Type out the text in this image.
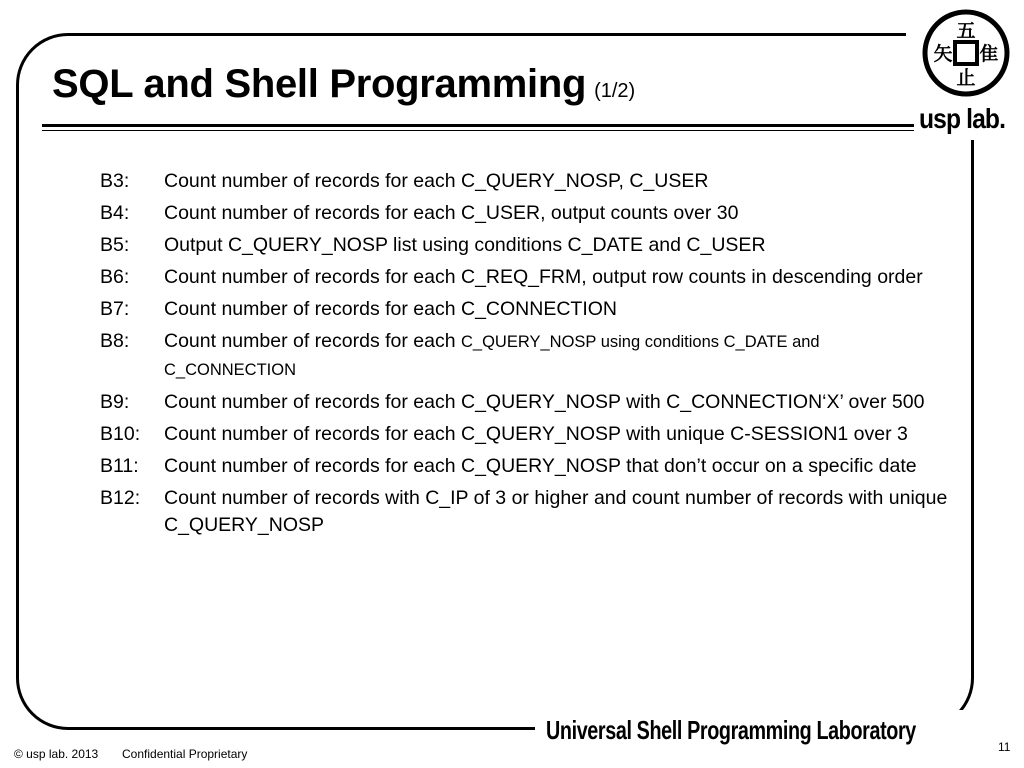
SQL and Shell Programming (1/2)
B3:	Count number of records for each C_QUERY_NOSP, C_USER
B4:	Count number of records for each C_USER, output counts over 30
B5:	Output C_QUERY_NOSP list using conditions C_DATE and C_USER
B6:	Count number of records for each C_REQ_FRM, output row counts in descending order
B7:	Count number of records for each C_CONNECTION
B8:	Count number of records for each C_QUERY_NOSP using conditions C_DATE and C_CONNECTION
B9:	Count number of records for each C_QUERY_NOSP with C_CONNECTION‘X’ over 500
B10:	Count number of records for each C_QUERY_NOSP with unique C-SESSION1 over 3
B11:	Count number of records for each C_QUERY_NOSP that don’t occur on a specific date
B12:	Count number of records with C_IP of 3 or higher and count number of records with unique C_QUERY_NOSP
五
矢 隹
止
usp lab.
Universal Shell Programming Laboratory
© usp lab. 2013 Confidential Proprietary	11
